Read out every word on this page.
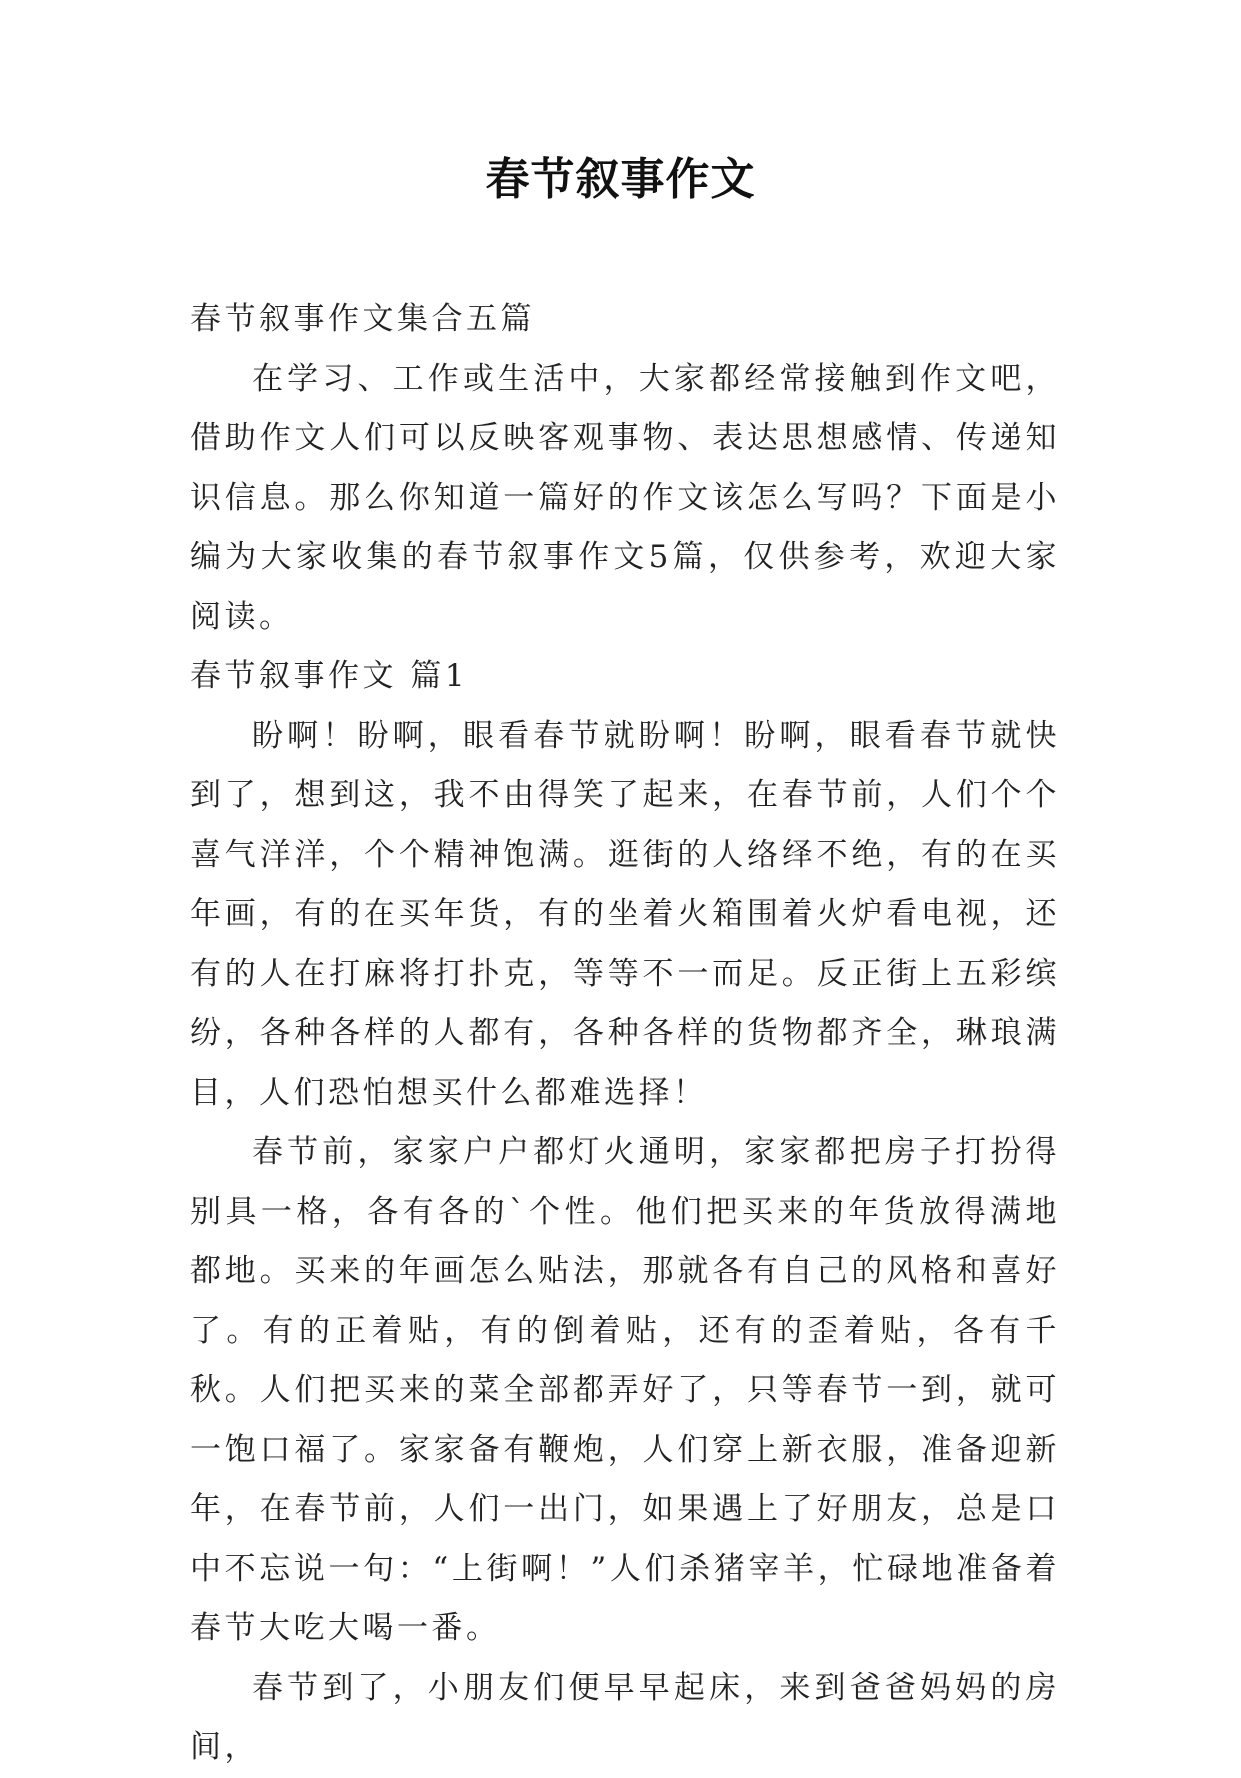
春节叙事作文

春节叙事作文集合五篇

在学习、工作或生活中，大家都经常接触到作文吧，借助作文人们可以反映客观事物、表达思想感情、传递知识信息。那么你知道一篇好的作文该怎么写吗？下面是小编为大家收集的春节叙事作文5篇，仅供参考，欢迎大家阅读。

春节叙事作文 篇1

盼啊！盼啊，眼看春节就盼啊！盼啊，眼看春节就快到了，想到这，我不由得笑了起来，在春节前，人们个个喜气洋洋，个个精神饱满。逛街的人络绎不绝，有的在买年画，有的在买年货，有的坐着火箱围着火炉看电视，还有的人在打麻将打扑克，等等不一而足。反正街上五彩缤纷，各种各样的人都有，各种各样的货物都齐全，琳琅满目，人们恐怕想买什么都难选择！

春节前，家家户户都灯火通明，家家都把房子打扮得别具一格，各有各的`个性。他们把买来的年货放得满地都地。买来的年画怎么贴法，那就各有自己的风格和喜好了。有的正着贴，有的倒着贴，还有的歪着贴，各有千秋。人们把买来的菜全部都弄好了，只等春节一到，就可一饱口福了。家家备有鞭炮，人们穿上新衣服，准备迎新年，在春节前，人们一出门，如果遇上了好朋友，总是口中不忘说一句：“上街啊！”人们杀猪宰羊，忙碌地准备着春节大吃大喝一番。

春节到了，小朋友们便早早起床，来到爸爸妈妈的房间，
